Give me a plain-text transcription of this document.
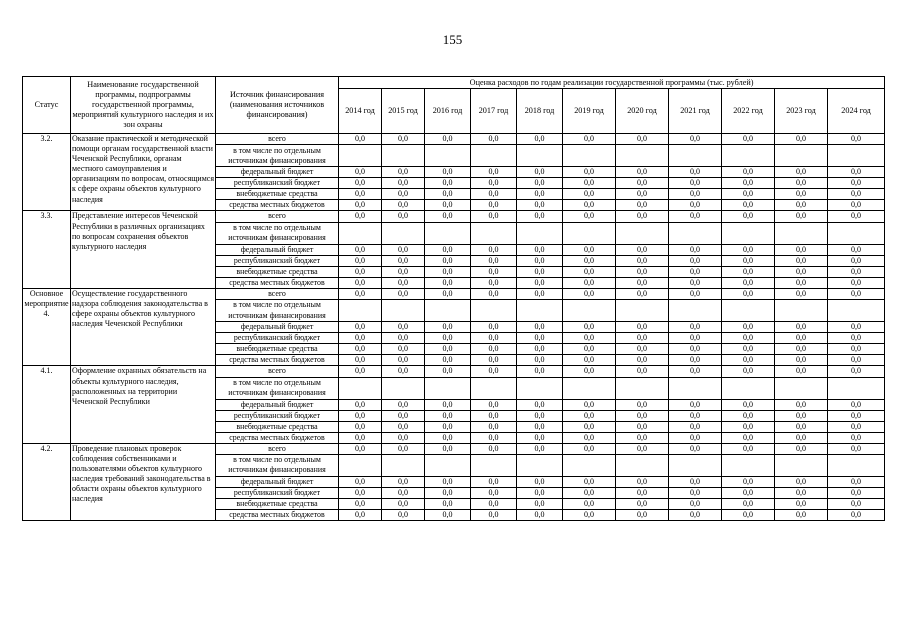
155
Статус	Наименование государственной программы, подпрограммы государственной программы, мероприятий культурного наследия и их зон охраны	Источник финансирования (наименования источников финансирования)	Оценка расходов по годам реализации государственной программы (тыс. рублей)										
			2014 год	2015 год	2016 год	2017 год	2018 год	2019 год	2020 год	2021 год	2022 год	2023 год	2024 год
3.2.	Оказание практической и методической помощи органам государственной власти Чеченской Республики, органам местного самоуправления и организациям по вопросам, относящимся к сфере охраны объектов культурного наследия	всего	0,0	0,0	0,0	0,0	0,0	0,0	0,0	0,0	0,0	0,0	0,0
		в том числе по отдельным источникам финансирования											
		федеральный бюджет	0,0	0,0	0,0	0,0	0,0	0,0	0,0	0,0	0,0	0,0	0,0
		республиканский бюджет	0,0	0,0	0,0	0,0	0,0	0,0	0,0	0,0	0,0	0,0	0,0
		внебюджетные средства	0,0	0,0	0,0	0,0	0,0	0,0	0,0	0,0	0,0	0,0	0,0
		средства местных бюджетов	0,0	0,0	0,0	0,0	0,0	0,0	0,0	0,0	0,0	0,0	0,0
3.3.	Представление интересов Чеченской Республики в различных организациях по вопросам сохранения объектов культурного наследия	всего	0,0	0,0	0,0	0,0	0,0	0,0	0,0	0,0	0,0	0,0	0,0
		в том числе по отдельным источникам финансирования											
		федеральный бюджет	0,0	0,0	0,0	0,0	0,0	0,0	0,0	0,0	0,0	0,0	0,0
		республиканский бюджет	0,0	0,0	0,0	0,0	0,0	0,0	0,0	0,0	0,0	0,0	0,0
		внебюджетные средства	0,0	0,0	0,0	0,0	0,0	0,0	0,0	0,0	0,0	0,0	0,0
		средства местных бюджетов	0,0	0,0	0,0	0,0	0,0	0,0	0,0	0,0	0,0	0,0	0,0
Основное мероприятие 4.	Осуществление государственного надзора соблюдения законодательства в сфере охраны объектов культурного наследия Чеченской Республики	всего	0,0	0,0	0,0	0,0	0,0	0,0	0,0	0,0	0,0	0,0	0,0
		в том числе по отдельным источникам финансирования											
		федеральный бюджет	0,0	0,0	0,0	0,0	0,0	0,0	0,0	0,0	0,0	0,0	0,0
		республиканский бюджет	0,0	0,0	0,0	0,0	0,0	0,0	0,0	0,0	0,0	0,0	0,0
		внебюджетные средства	0,0	0,0	0,0	0,0	0,0	0,0	0,0	0,0	0,0	0,0	0,0
		средства местных бюджетов	0,0	0,0	0,0	0,0	0,0	0,0	0,0	0,0	0,0	0,0	0,0
4.1.	Оформление охранных обязательств на объекты культурного наследия, расположенных на территории Чеченской Республики	всего	0,0	0,0	0,0	0,0	0,0	0,0	0,0	0,0	0,0	0,0	0,0
		в том числе по отдельным источникам финансирования											
		федеральный бюджет	0,0	0,0	0,0	0,0	0,0	0,0	0,0	0,0	0,0	0,0	0,0
		республиканский бюджет	0,0	0,0	0,0	0,0	0,0	0,0	0,0	0,0	0,0	0,0	0,0
		внебюджетные средства	0,0	0,0	0,0	0,0	0,0	0,0	0,0	0,0	0,0	0,0	0,0
		средства местных бюджетов	0,0	0,0	0,0	0,0	0,0	0,0	0,0	0,0	0,0	0,0	0,0
4.2.	Проведение плановых проверок соблюдения собственниками и пользователями объектов культурного наследия требований законодательства в области охраны объектов культурного наследия	всего	0,0	0,0	0,0	0,0	0,0	0,0	0,0	0,0	0,0	0,0	0,0
		в том числе по отдельным источникам финансирования											
		федеральный бюджет	0,0	0,0	0,0	0,0	0,0	0,0	0,0	0,0	0,0	0,0	0,0
		республиканский бюджет	0,0	0,0	0,0	0,0	0,0	0,0	0,0	0,0	0,0	0,0	0,0
		внебюджетные средства	0,0	0,0	0,0	0,0	0,0	0,0	0,0	0,0	0,0	0,0	0,0
		средства местных бюджетов	0,0	0,0	0,0	0,0	0,0	0,0	0,0	0,0	0,0	0,0	0,0
